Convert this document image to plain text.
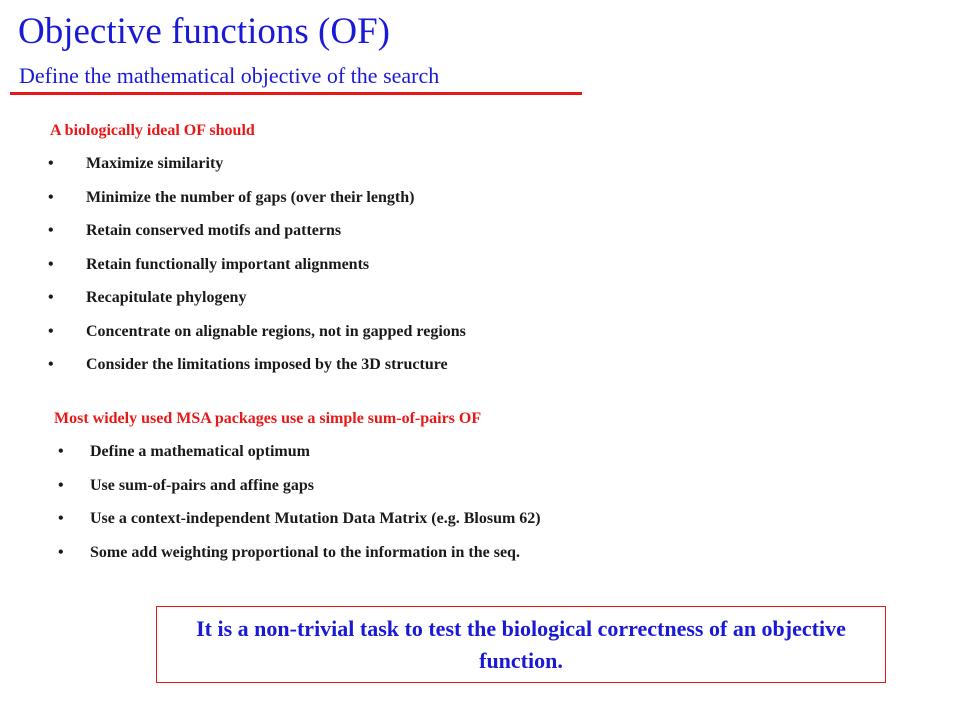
Objective functions (OF)
Define the mathematical objective of the search
A biologically ideal OF should
• Maximize similarity
• Minimize the number of gaps (over their length)
• Retain conserved motifs and patterns
• Retain functionally important alignments
• Recapitulate phylogeny
• Concentrate on alignable regions, not in gapped regions
• Consider the limitations imposed by the 3D structure
Most widely used MSA packages use a simple sum-of-pairs OF
• Define a mathematical optimum
• Use sum-of-pairs and affine gaps
• Use a context-independent Mutation Data Matrix (e.g. Blosum 62)
• Some add weighting proportional to the information in the seq.
It is a non-trivial task to test the biological correctness of an objective function.
